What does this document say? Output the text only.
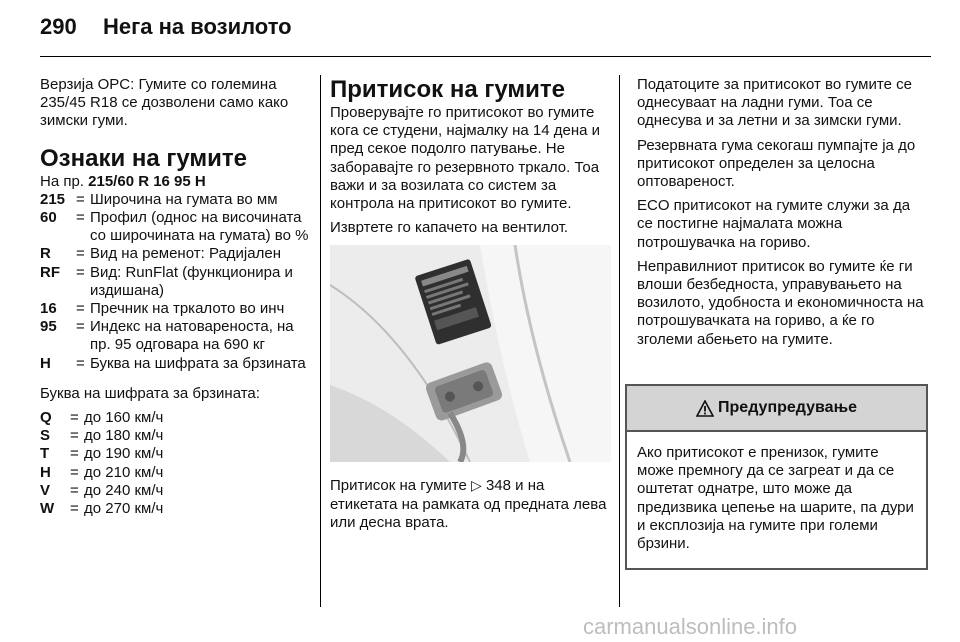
290 Нега на возилото

Верзија OPC: Гумите со големина 235/45 R18 се дозволени само како зимски гуми.

Ознаки на гумите
На пр. 215/60 R 16 95 H
215 = Широчина на гумата во мм
60	= Профил (однос на височината со широчината на гумата) во %
R	= Вид на ременот: Радијален
RF	= Вид: RunFlat (функционира и издишана)
16	= Пречник на тркалото во инч
95	= Индекс на натовареноста, на пр. 95 одговара на 690 кг
H	= Буква на шифрата за брзината

Буква на шифрата за брзината:

Q	= до 160 км/ч
S	= до 180 км/ч
T	= до 190 км/ч
H	= до 210 км/ч
V	= до 240 км/ч
W	= до 270 км/ч
Притисок на гумите

Проверувајте го притисокот во гумите кога се студени, најмалку на 14 дена и пред секое подолго патување. Не заборавајте го резервното тркало. Тоа важи и за возилата со систем за контрола на притисокот во гумите.

Извртете го капачето на вентилот.

Притисок на гумите ▷ 348 и на етикетата на рамката од предната лева или десна врата.

Податоците за притисокот во гумите се однесуваат на ладни гуми. Тоа се однесува и за летни и за зимски гуми.

Резервната гума секогаш пумпајте ја до притисокот определен за целосна оптовареност.

ECO притисокот на гумите служи за да се постигне најмалата можна потрошувачка на гориво.

Неправилниот притисок во гумите ќе ги влоши безбедноста, управувањето на возилото, удобноста и економичноста на потрошувачката на гориво, а ќе го зголеми абењето на гумите.

Предупредување
Ако притисокот е пренизок, гумите може премногу да се загреат и да се оштетат однатре, што може да предизвика цепење на шарите, па дури и експлозија на гумите при големи брзини.
carmanualsonline.info
